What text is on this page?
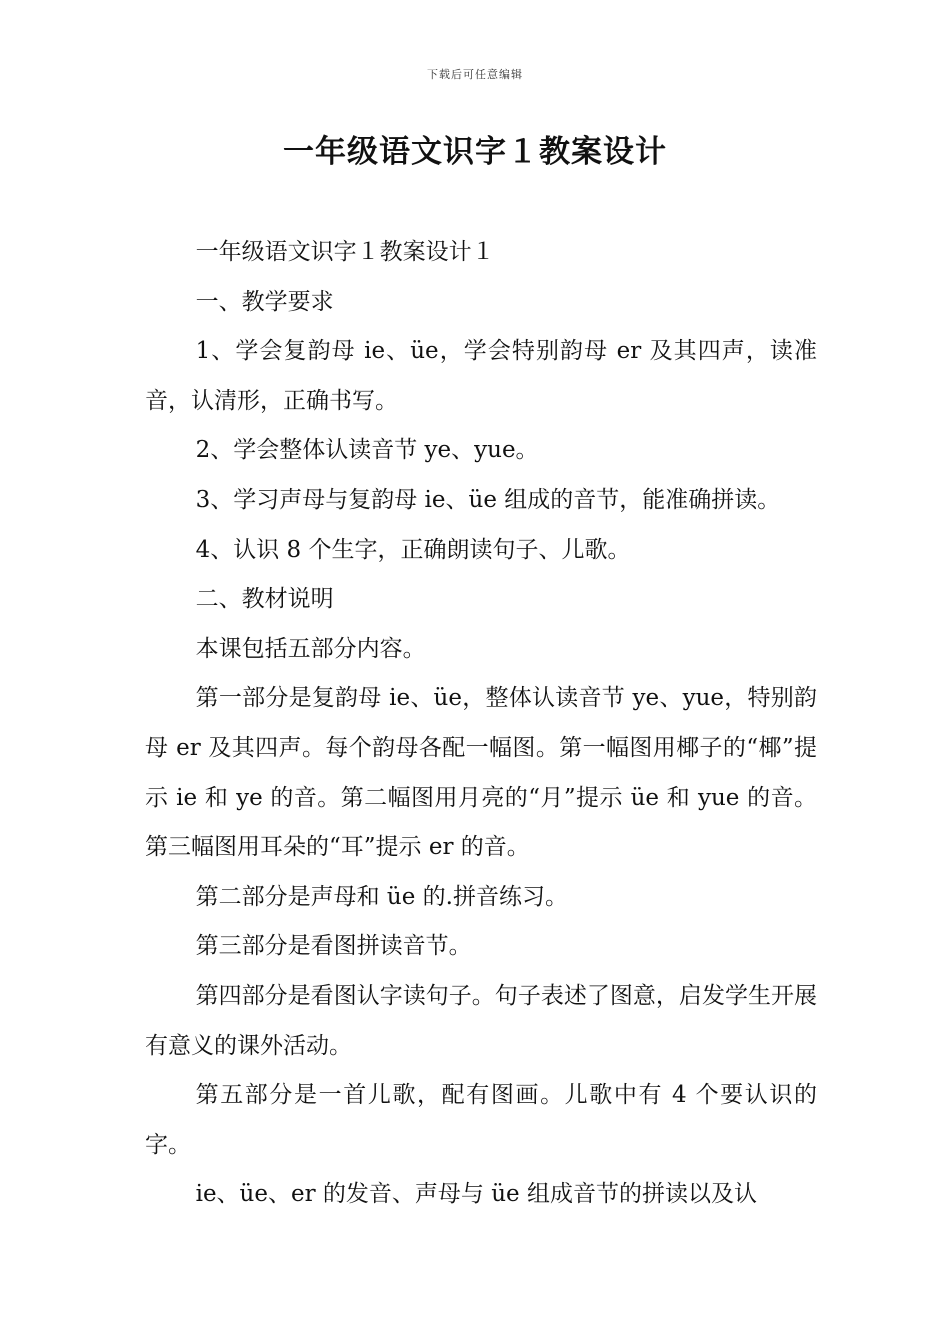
下载后可任意编辑
一年级语文识字１教案设计

一年级语文识字１教案设计１

一、教学要求

1、学会复韵母 ie、üe，学会特别韵母 er 及其四声，读准音，认清形，正确书写。

2、学会整体认读音节 ye、yue。

3、学习声母与复韵母 ie、üe 组成的音节，能准确拼读。

4、认识 8 个生字，正确朗读句子、儿歌。

二、教材说明

本课包括五部分内容。

第一部分是复韵母 ie、üe，整体认读音节 ye、yue，特别韵母 er 及其四声。每个韵母各配一幅图。第一幅图用椰子的“椰”提示 ie 和 ye 的音。第二幅图用月亮的“月”提示 üe 和 yue 的音。第三幅图用耳朵的“耳”提示 er 的音。

第二部分是声母和 üe 的.拼音练习。

第三部分是看图拼读音节。

第四部分是看图认字读句子。句子表述了图意，启发学生开展有意义的课外活动。

第五部分是一首儿歌，配有图画。儿歌中有 4 个要认识的字。

ie、üe、er 的发音、声母与 üe 组成音节的拼读以及认
